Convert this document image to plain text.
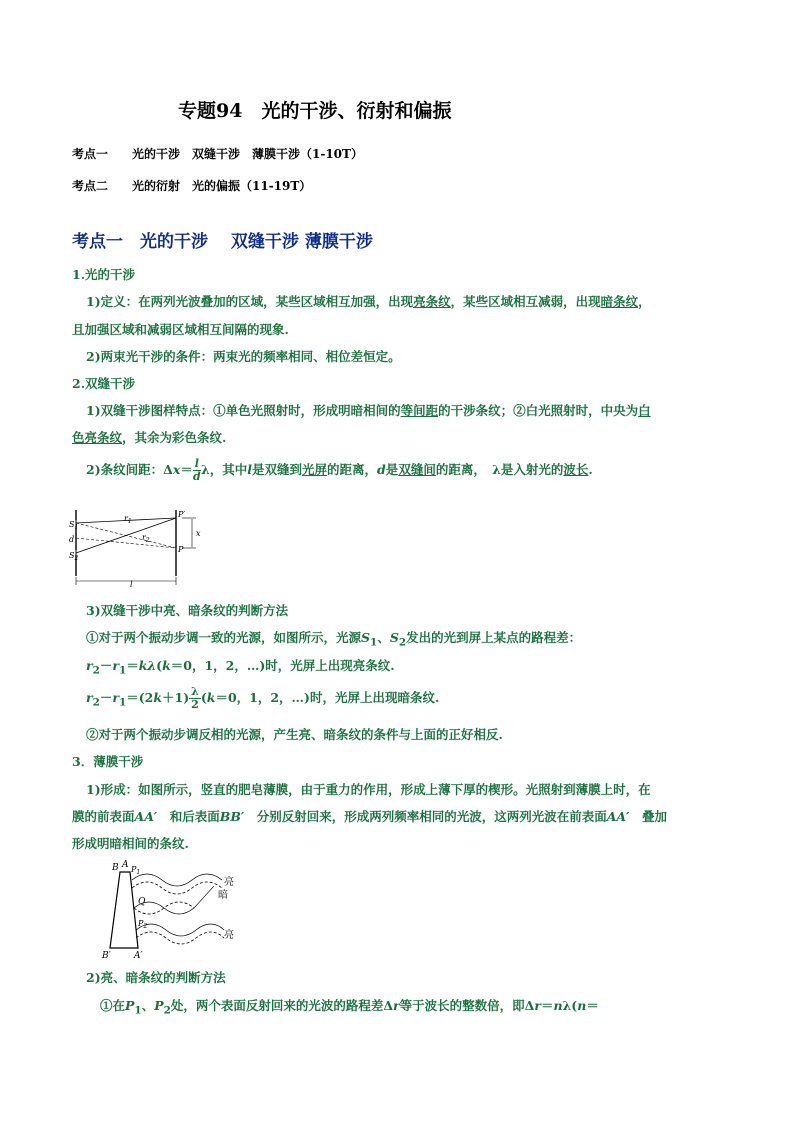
专题94　光的干涉、衍射和偏振
考点一　　光的干涉　双缝干涉　薄膜干涉（1-10T）
考点二　　光的衍射　光的偏振（11-19T）
考点一　光的干涉　 双缝干涉 薄膜干涉
1.光的干涉
1)定义：在两列光波叠加的区域，某些区域相互加强，出现亮条纹，某些区域相互减弱，出现暗条纹，
且加强区域和减弱区域相互间隔的现象.
2)两束光干涉的条件：两束光的频率相同、相位差恒定。
2.双缝干涉
1)双缝干涉图样特点：①单色光照射时，形成明暗相间的等间距的干涉条纹；②白光照射时，中央为白
色亮条纹，其余为彩色条纹.
2)条纹间距：$\Delta x= \frac{l}{d}$ λ，其中l是双缝到光屏的距离，d是双缝间的距离，　λ是入射光的波长.
$S_1$
d
$S_2$
$r_1$
$r_2$
P′
P
x
l
3)双缝干涉中亮、暗条纹的判断方法
①对于两个振动步调一致的光源，如图所示，光源$S_1$、$S_2$发出的光到屏上某点的路程差：
$r_2-r_1=k\lambda(k=0$，1，2，…)时，光屏上出现亮条纹.
$r_2-r_1=(2k+1) \frac{\lambda}{2} (k=0$，1，2，…)时，光屏上出现暗条纹.
②对于两个振动步调反相的光源，产生亮、暗条纹的条件与上面的正好相反.
3．薄膜干涉
1)形成：如图所示，竖直的肥皂薄膜，由于重力的作用，形成上薄下厚的楔形。光照射到薄膜上时，在
膜的前表面AA′　 和后表面BB′　 分别反射回来，形成两列频率相同的光波，这两列光波在前表面AA′　 叠加
形成明暗相间的条纹.
B A $P_1$
Q
$P_2$
B′	A′
亮
暗
亮
2)亮、暗条纹的判断方法
①在$P_1$、$P_2$处，两个表面反射回来的光波的路程差Δr等于波长的整数倍，即Δr＝nλ(n＝
